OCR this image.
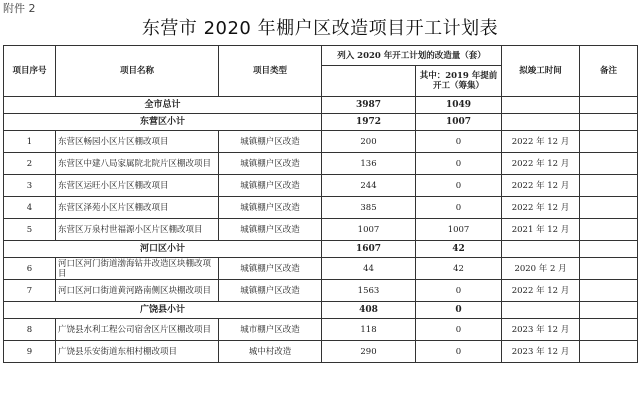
附件 2
东营市 2020 年棚户区改造项目开工计划表
项目序号	项目名称	项目类型	列入 2020 年开工计划的改造量（套）		拟竣工时间	备注
				其中：2019 年提前开工（筹集）		
全市总计			3987	1049		
东营区小计			1972	1007		
1	东营区畅园小区片区棚改项目	城镇棚户区改造	200	0	2022 年 12 月	
2	东营区中建八局家属院北院片区棚改项目	城镇棚户区改造	136	0	2022 年 12 月	
3	东营区运旺小区片区棚改项目	城镇棚户区改造	244	0	2022 年 12 月	
4	东营区泽苑小区片区棚改项目	城镇棚户区改造	385	0	2022 年 12 月	
5	东营区万泉村世福源小区片区棚改项目	城镇棚户区改造	1007	1007	2021 年 12 月	
河口区小计			1607	42		
6	河口区河门街道渤海钻井改造区块棚改项目	城镇棚户区改造	44	42	2020 年 2 月	
7	河口区河口街道黄河路南侧区块棚改项目	城镇棚户区改造	1563	0	2022 年 12 月	
广饶县小计			408	0		
8	广饶县水利工程公司宿舍区片区棚改项目	城市棚户区改造	118	0	2023 年 12 月	
9	广饶县乐安街道东相村棚改项目	城中村改造	290	0	2023 年 12 月	
